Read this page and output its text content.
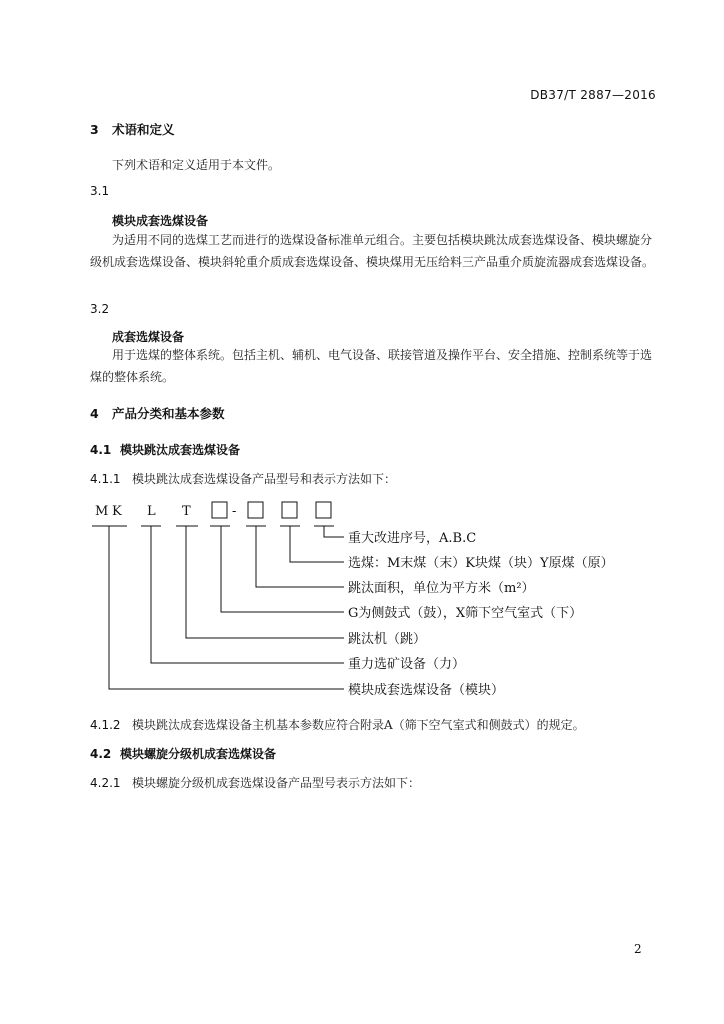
DB37/T 2887—2016
3 术语和定义
下列术语和定义适用于本文件。
3.1
模块成套选煤设备
为适用不同的选煤工艺而进行的选煤设备标准单元组合。主要包括模块跳汰成套选煤设备、模块螺旋分级机成套选煤设备、模块斜轮重介质成套选煤设备、模块煤用无压给料三产品重介质旋流器成套选煤设备。
3.2
成套选煤设备
用于选煤的整体系统。包括主机、辅机、电气设备、联接管道及操作平台、安全措施、控制系统等于选煤的整体系统。
4 产品分类和基本参数
4.1 模块跳汰成套选煤设备
4.1.1 模块跳汰成套选煤设备产品型号和表示方法如下：
M K L T	-
重大改进序号，A.B.C
选煤：M末煤（末）K块煤（块）Y原煤（原）
跳汰面积，单位为平方米（m²）
G为侧鼓式（鼓），X筛下空气室式（下）
跳汰机（跳）
重力选矿设备（力）
模块成套选煤设备（模块）
4.1.2 模块跳汰成套选煤设备主机基本参数应符合附录A（筛下空气室式和侧鼓式）的规定。
4.2 模块螺旋分级机成套选煤设备
4.2.1 模块螺旋分级机成套选煤设备产品型号表示方法如下：
2
